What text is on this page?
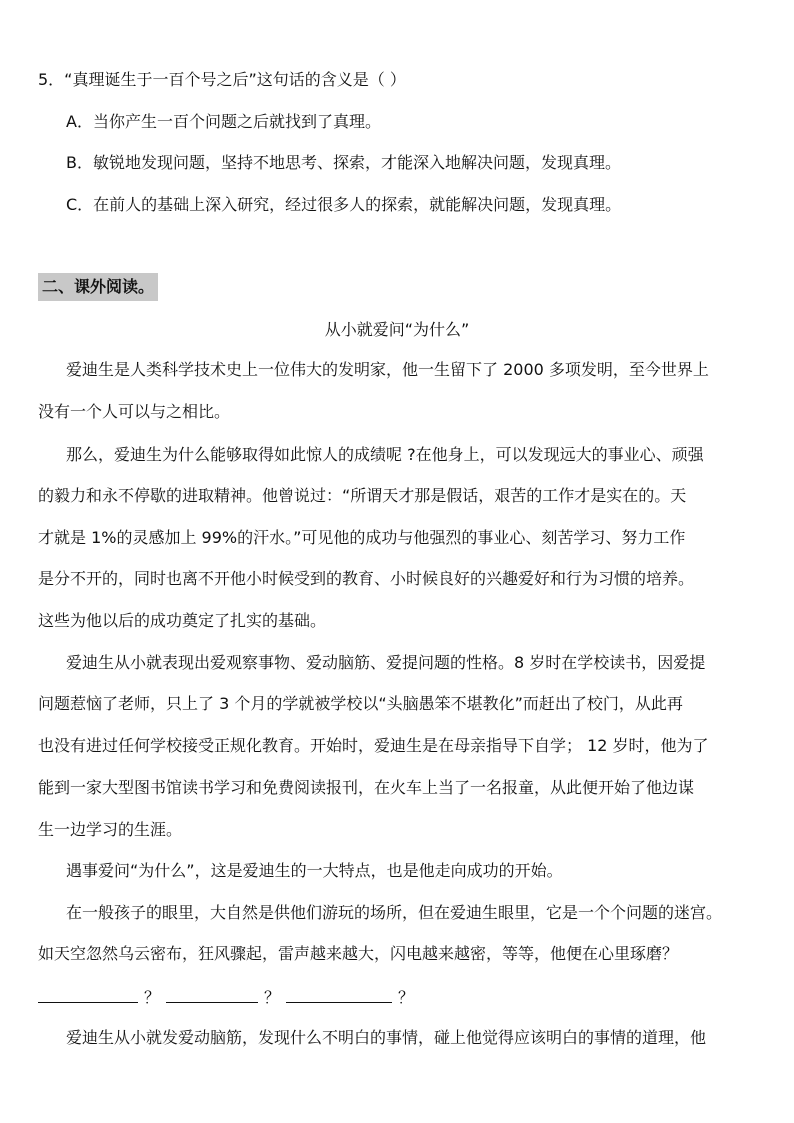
5．“真理诞生于一百个号之后”这句话的含义是（ ）
A．当你产生一百个问题之后就找到了真理。
B．敏锐地发现问题，坚持不地思考、探索，才能深入地解决问题，发现真理。
C．在前人的基础上深入研究，经过很多人的探索，就能解决问题，发现真理。
二、课外阅读。
从小就爱问“为什么”
爱迪生是人类科学技术史上一位伟大的发明家，他一生留下了 2000 多项发明，至今世界上
没有一个人可以与之相比。
那么，爱迪生为什么能够取得如此惊人的成绩呢 ?在他身上，可以发现远大的事业心、顽强
的毅力和永不停歇的进取精神。他曾说过：“所谓天才那是假话，艰苦的工作才是实在的。天
才就是 1%的灵感加上 99%的汗水。”可见他的成功与他强烈的事业心、刻苦学习、努力工作
是分不开的，同时也离不开他小时候受到的教育、小时候良好的兴趣爱好和行为习惯的培养。
这些为他以后的成功奠定了扎实的基础。
爱迪生从小就表现出爱观察事物、爱动脑筋、爱提问题的性格。8 岁时在学校读书，因爱提
问题惹恼了老师，只上了 3 个月的学就被学校以“头脑愚笨不堪教化”而赶出了校门，从此再
也没有进过任何学校接受正规化教育。开始时，爱迪生是在母亲指导下自学； 12 岁时，他为了
能到一家大型图书馆读书学习和免费阅读报刊，在火车上当了一名报童，从此便开始了他边谋
生一边学习的生涯。
遇事爱问“为什么”，这是爱迪生的一大特点，也是他走向成功的开始。
在一般孩子的眼里，大自然是供他们游玩的场所，但在爱迪生眼里，它是一个个问题的迷宫。
如天空忽然乌云密布，狂风骤起，雷声越来越大，闪电越来越密，等等，他便在心里琢磨？
？	？	？
爱迪生从小就发爱动脑筋，发现什么不明白的事情，碰上他觉得应该明白的事情的道理，他
